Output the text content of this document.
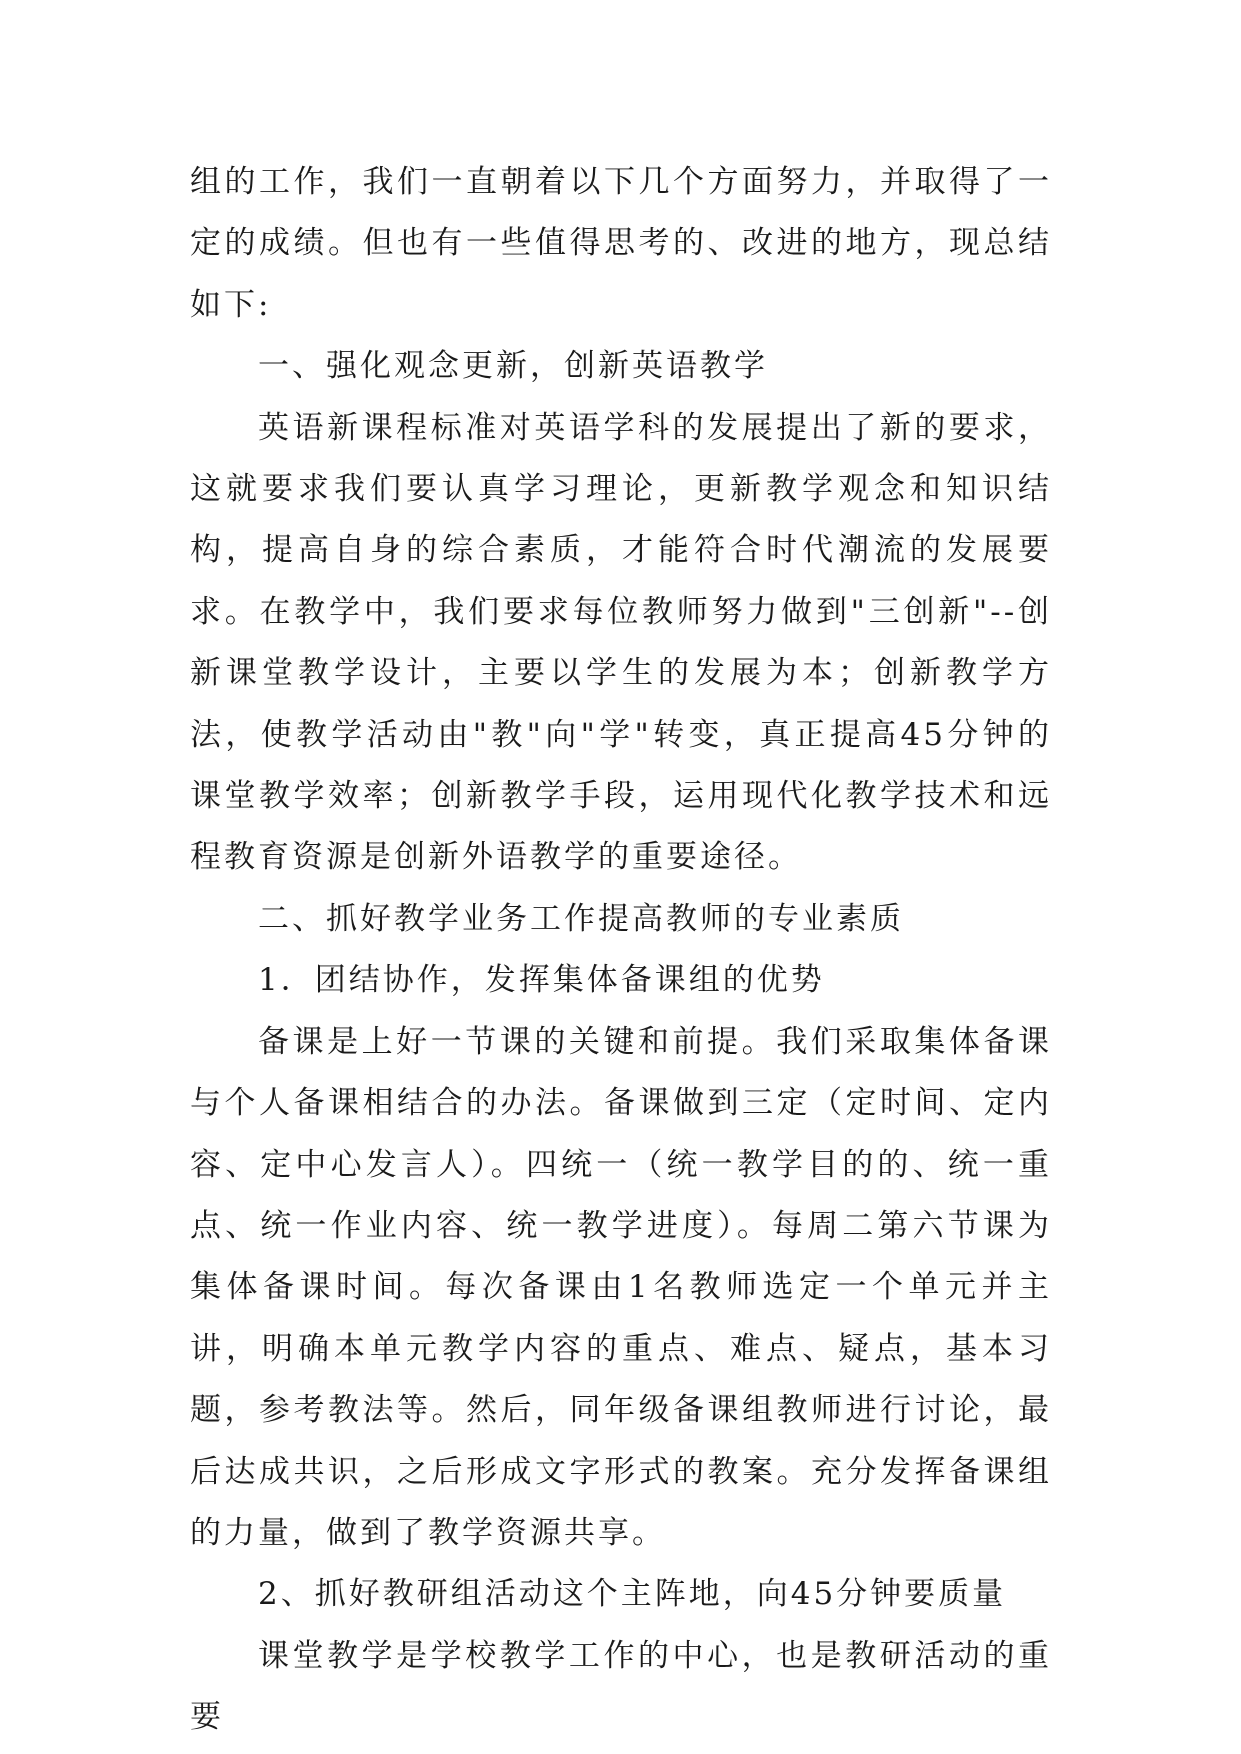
组的工作，我们一直朝着以下几个方面努力，并取得了一定的成绩。但也有一些值得思考的、改进的地方，现总结如下:

一、强化观念更新，创新英语教学

英语新课程标准对英语学科的发展提出了新的要求，这就要求我们要认真学习理论，更新教学观念和知识结构，提高自身的综合素质，才能符合时代潮流的发展要求。在教学中，我们要求每位教师努力做到"三创新"--创新课堂教学设计，主要以学生的发展为本；创新教学方法，使教学活动由"教"向"学"转变，真正提高45分钟的课堂教学效率；创新教学手段，运用现代化教学技术和远程教育资源是创新外语教学的重要途径。

二、抓好教学业务工作提高教师的专业素质

1．团结协作，发挥集体备课组的优势

备课是上好一节课的关键和前提。我们采取集体备课与个人备课相结合的办法。备课做到三定（定时间、定内容、定中心发言人）。四统一（统一教学目的的、统一重点、统一作业内容、统一教学进度）。每周二第六节课为集体备课时间。每次备课由1名教师选定一个单元并主讲，明确本单元教学内容的重点、难点、疑点，基本习题，参考教法等。然后，同年级备课组教师进行讨论，最后达成共识，之后形成文字形式的教案。充分发挥备课组的力量，做到了教学资源共享。

2、抓好教研组活动这个主阵地，向45分钟要质量

课堂教学是学校教学工作的中心，也是教研活动的重要
